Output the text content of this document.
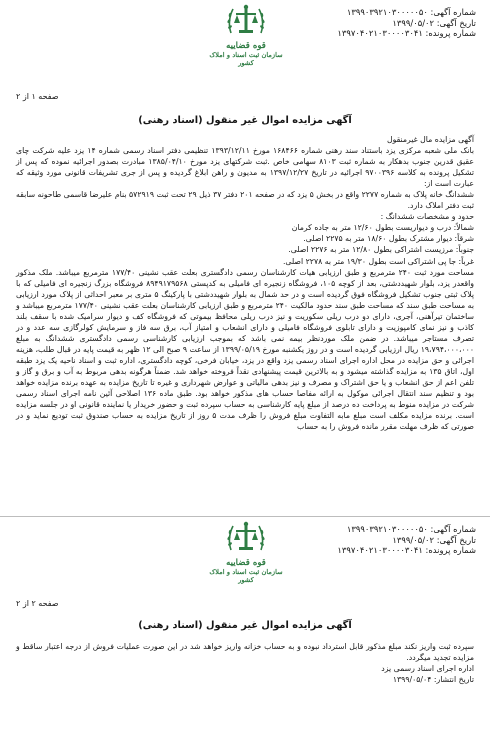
شماره آگهی: ۱۳۹۹۰۳۹۲۱۰۳۰۰۰۰۰۵۰
تاریخ آگهی: ۱۳۹۹/۰۵/۰۲
شماره پرونده: ۱۳۹۷۰۴۰۲۱۰۳۰۰۰۰۳۰۴۱
قوه قضاییه
سازمان ثبت اسناد و املاک کشور
صفحه ۱ از ۲
آگهی مزایده اموال غیر منقول (اسناد رهنی)

آگهی مزایده مال غیرمنقول

بانک ملی شعبه مرکزی یزد باستناد سند رهنی شماره ۱۶۸۴۶۶ مورخ ۱۳۹۳/۱۲/۱۱ تنظیمی دفتر اسناد رسمی شماره ۱۴ یزد علیه شرکت چای عقیق قدرین جنوب بدهکار به شماره ثبت ۸۱۰۳ سهامی خاص .ثبت شرکتهای یزد مورخ ۱۳۸۵/۰۴/۱۰ مبادرت بصدور اجرائیه نموده که پس از تشکیل پرونده به کلاسه ۹۷۰۰۳۹۶ اجرائیه در تاریخ ۱۳۹۷/۱۲/۲۷ به مدیون و راهن ابلاغ گردیده و پس از جری تشریفات قانونی مورد وثیقه که عبارت است از:

ششدانگ خانه پلاک به شماره ۲۲۷۷ واقع در بخش ۵ یزد که در صفحه ۲۰۱ دفتر ۳۷ ذیل ۲۹ تحت ثبت ۵۷۲۹۱۹ بنام علیرضا قاسمی طاحونه سابقه ثبت دفتر املاک دارد.

حدود و مشخصات ششدانگ :

شمالاً: درب و دیواریست بطول ۱۲/۶۰ متر به جاده کرمان

شرقاً: دیوار مشترک بطول ۱۸/۶۰ متر به ۲۲۷۵ اصلی.

جنوباً: مرزیست اشتراکی بطول ۱۲/۸۰ متر به ۲۲۷۶ اصلی.

غرباً: جا پی اشتراکی است بطول ۱۹/۳۰ متر به ۲۲۷۸ اصلی.

مساحت مورد ثبت ۲۴۰ مترمربع و طبق ارزیابی هیات کارشناسان رسمی دادگستری بعلت عقب نشینی ۱۷۷/۴۰ مترمربع میباشد. ملک مذکور واقعدر یزد، بلوار شهیددشتی، بعد از کوچه ۱۰۵، فروشگاه زنجیره ای فامیلی به کدپستی ۸۹۴۹۱۷۹۵۶۸ فروشگاه بزرگ زنجیره ای فامیلی که با پلاک ثبتی جنوب تشکیل فروشگاه فوق گردیده است و در حد شمال به بلوار شهیددشتی با پارکینگ ۵ متری بر معبر احداثی از پلاک مورد ارزیابی به مساحت طبق سند که مساحت طبق سند حدود مالکیت ۲۴۰ مترمربع و طبق ارزیابی کارشناسان بعلت عقب نشینی ۱۷۷/۴۰ مترمربع میباشد و ساختمان تیرآهنی، آجری، دارای دو درب ریلی سکوریت و نیز درب ریلی محافظ بیموتی که فروشگاه کف و دیوار سرامیک شده با سقف بلند کاذب و نیز نمای کامپوزیت و دارای تابلوی فروشگاه فامیلی و دارای انشعاب و امتیاز آب، برق سه فاز و سرمایش کولرگازی سه عدد و در تصرف مستاجر میباشد. در ضمن ملک موردنظر بیمه نمی باشد که بموجب ارزیابی کارشناسی رسمی دادگستری ششدانگ به مبلغ ۱۹،۷۹۴،۰۰۰،۰۰۰ ریال ارزیابی گردیده است و در روز یکشنبه مورخ ۱۳۹۹/۰۵/۱۹ از ساعت ۹ صبح الی ۱۲ ظهر به قیمت پایه در قبال طلب، هزینه اجرائی و حق مزایده در محل اداره اجرای اسناد رسمی یزد واقع در یزد، خیابان فرخی، کوچه دادگستری، اداره ثبت و اسناد ناحیه یک یزد طبقه اول، اتاق ۱۳۵ به مزایده گذاشته میشود و به بالاترین قیمت پیشنهادی نقداً فروخته خواهد شد. ضمناً هرگونه بدهی مربوط به آب و برق و گاز و تلفن اعم از حق انشعاب و یا حق اشتراک و مصرف و نیز بدهی مالیاتی و عوارض شهرداری و غیره تا تاریخ مزایده به عهده برنده مزایده خواهد بود و تنظیم سند انتقال اجرائی موکول به ارائه مفاصا حساب های مذکور خواهد بود. طبق ماده ۱۳۶ اصلاحی آئین نامه اجرای اسناد رسمی شرکت در مزایده منوط به پرداخت ده درصد از مبلغ پایه کارشناسی به حساب سپرده ثبت و حضور خریدار یا نماینده قانونی او در جلسه مزایده است. برنده مزایده مکلف است مبلغ مابه التفاوت مبلغ فروش را ظرف مدت ۵ روز از تاریخ مزایده به حساب صندوق ثبت تودیع نماید و در صورتی که ظرف مهلت مقرر مانده فروش را به حساب

شماره آگهی: ۱۳۹۹۰۳۹۲۱۰۳۰۰۰۰۰۵۰
تاریخ آگهی: ۱۳۹۹/۰۵/۰۲
شماره پرونده: ۱۳۹۷۰۴۰۲۱۰۳۰۰۰۰۳۰۴۱
قوه قضاییه
سازمان ثبت اسناد و املاک کشور
صفحه ۲ از ۲
آگهی مزایده اموال غیر منقول (اسناد رهنی)

سپرده ثبت واریز نکند مبلغ مذکور قابل استرداد نبوده و به حساب خزانه واریز خواهد شد در این صورت عملیات فروش از درجه اعتبار ساقط و مزایده تجدید میگردد.

اداره اجرای اسناد رسمی یزد

تاریخ انتشار: ۱۳۹۹/۰۵/۰۴
